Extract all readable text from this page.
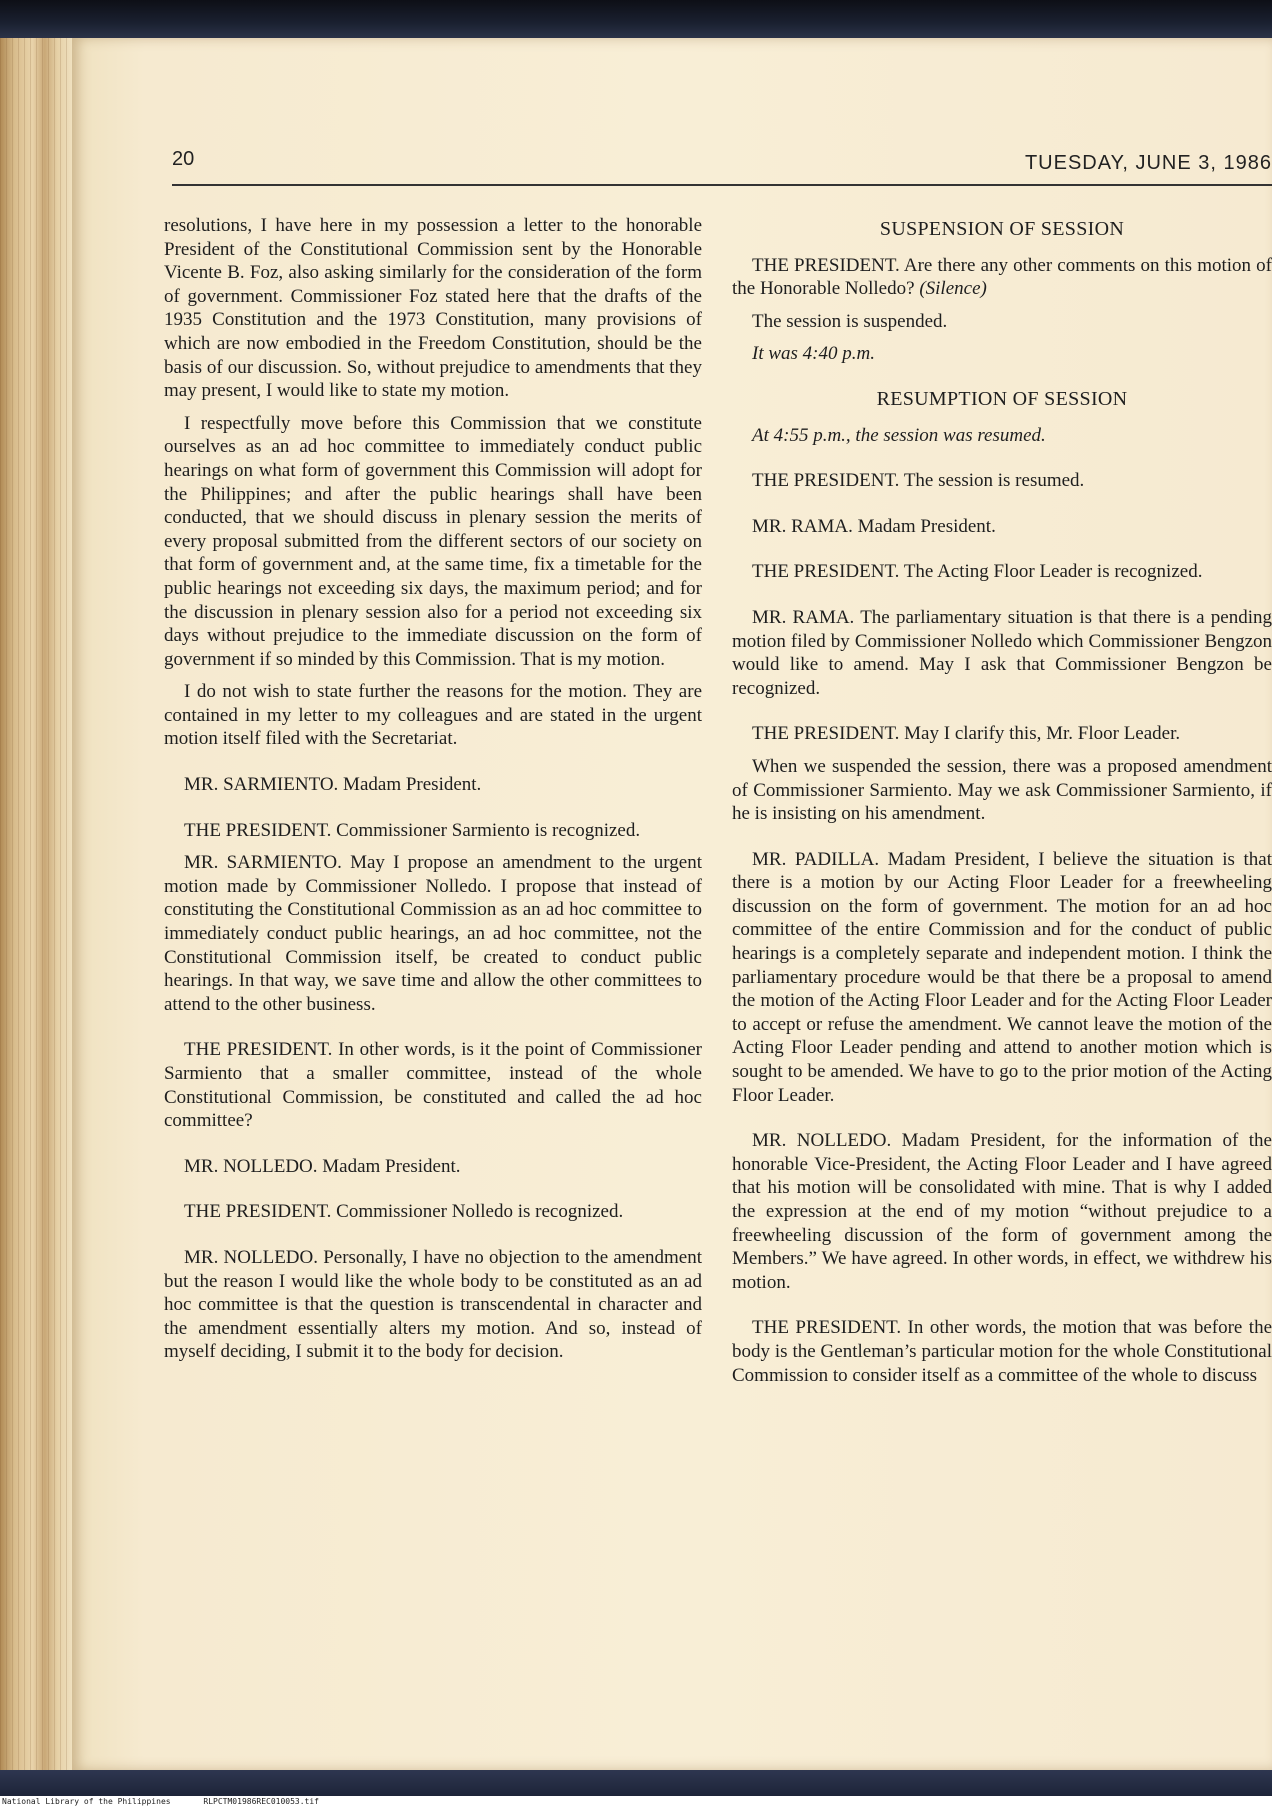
20	TUESDAY, JUNE 3, 1986

resolutions, I have here in my possession a letter to the honorable President of the Constitutional Commission sent by the Honorable Vicente B. Foz, also asking similarly for the consideration of the form of government. Commissioner Foz stated here that the drafts of the 1935 Constitution and the 1973 Constitution, many provisions of which are now embodied in the Freedom Constitution, should be the basis of our discussion. So, without prejudice to amendments that they may present, I would like to state my motion.

I respectfully move before this Commission that we constitute ourselves as an ad hoc committee to immediately conduct public hearings on what form of government this Commission will adopt for the Philippines; and after the public hearings shall have been conducted, that we should discuss in plenary session the merits of every proposal submitted from the different sectors of our society on that form of government and, at the same time, fix a timetable for the public hearings not exceeding six days, the maximum period; and for the discussion in plenary session also for a period not exceeding six days without prejudice to the immediate discussion on the form of government if so minded by this Commission. That is my motion.

I do not wish to state further the reasons for the motion. They are contained in my letter to my colleagues and are stated in the urgent motion itself filed with the Secretariat.

MR. SARMIENTO. Madam President.

THE PRESIDENT. Commissioner Sarmiento is recognized.

MR. SARMIENTO. May I propose an amendment to the urgent motion made by Commissioner Nolledo. I propose that instead of constituting the Constitutional Commission as an ad hoc committee to immediately conduct public hearings, an ad hoc committee, not the Constitutional Commission itself, be created to conduct public hearings. In that way, we save time and allow the other committees to attend to the other business.

THE PRESIDENT. In other words, is it the point of Commissioner Sarmiento that a smaller committee, instead of the whole Constitutional Commission, be constituted and called the ad hoc committee?

MR. NOLLEDO. Madam President.

THE PRESIDENT. Commissioner Nolledo is recognized.

MR. NOLLEDO. Personally, I have no objection to the amendment but the reason I would like the whole body to be constituted as an ad hoc committee is that the question is transcendental in character and the amendment essentially alters my motion. And so, instead of myself deciding, I submit it to the body for decision.

SUSPENSION OF SESSION

THE PRESIDENT. Are there any other comments on this motion of the Honorable Nolledo? (Silence)

The session is suspended.

It was 4:40 p.m.

RESUMPTION OF SESSION

At 4:55 p.m., the session was resumed.

THE PRESIDENT. The session is resumed.

MR. RAMA. Madam President.

THE PRESIDENT. The Acting Floor Leader is recognized.

MR. RAMA. The parliamentary situation is that there is a pending motion filed by Commissioner Nolledo which Commissioner Bengzon would like to amend. May I ask that Commissioner Bengzon be recognized.

THE PRESIDENT. May I clarify this, Mr. Floor Leader.

When we suspended the session, there was a proposed amendment of Commissioner Sarmiento. May we ask Commissioner Sarmiento, if he is insisting on his amendment.

MR. PADILLA. Madam President, I believe the situation is that there is a motion by our Acting Floor Leader for a freewheeling discussion on the form of government. The motion for an ad hoc committee of the entire Commission and for the conduct of public hearings is a completely separate and independent motion. I think the parliamentary procedure would be that there be a proposal to amend the motion of the Acting Floor Leader and for the Acting Floor Leader to accept or refuse the amendment. We cannot leave the motion of the Acting Floor Leader pending and attend to another motion which is sought to be amended. We have to go to the prior motion of the Acting Floor Leader.

MR. NOLLEDO. Madam President, for the information of the honorable Vice-President, the Acting Floor Leader and I have agreed that his motion will be consolidated with mine. That is why I added the expression at the end of my motion “without prejudice to a freewheeling discussion of the form of government among the Members.” We have agreed. In other words, in effect, we withdrew his motion.

THE PRESIDENT. In other words, the motion that was before the body is the Gentleman’s particular motion for the whole Constitutional Commission to consider itself as a committee of the whole to discuss

National Library of the Philippines	RLPCTM01986REC010053.tif
